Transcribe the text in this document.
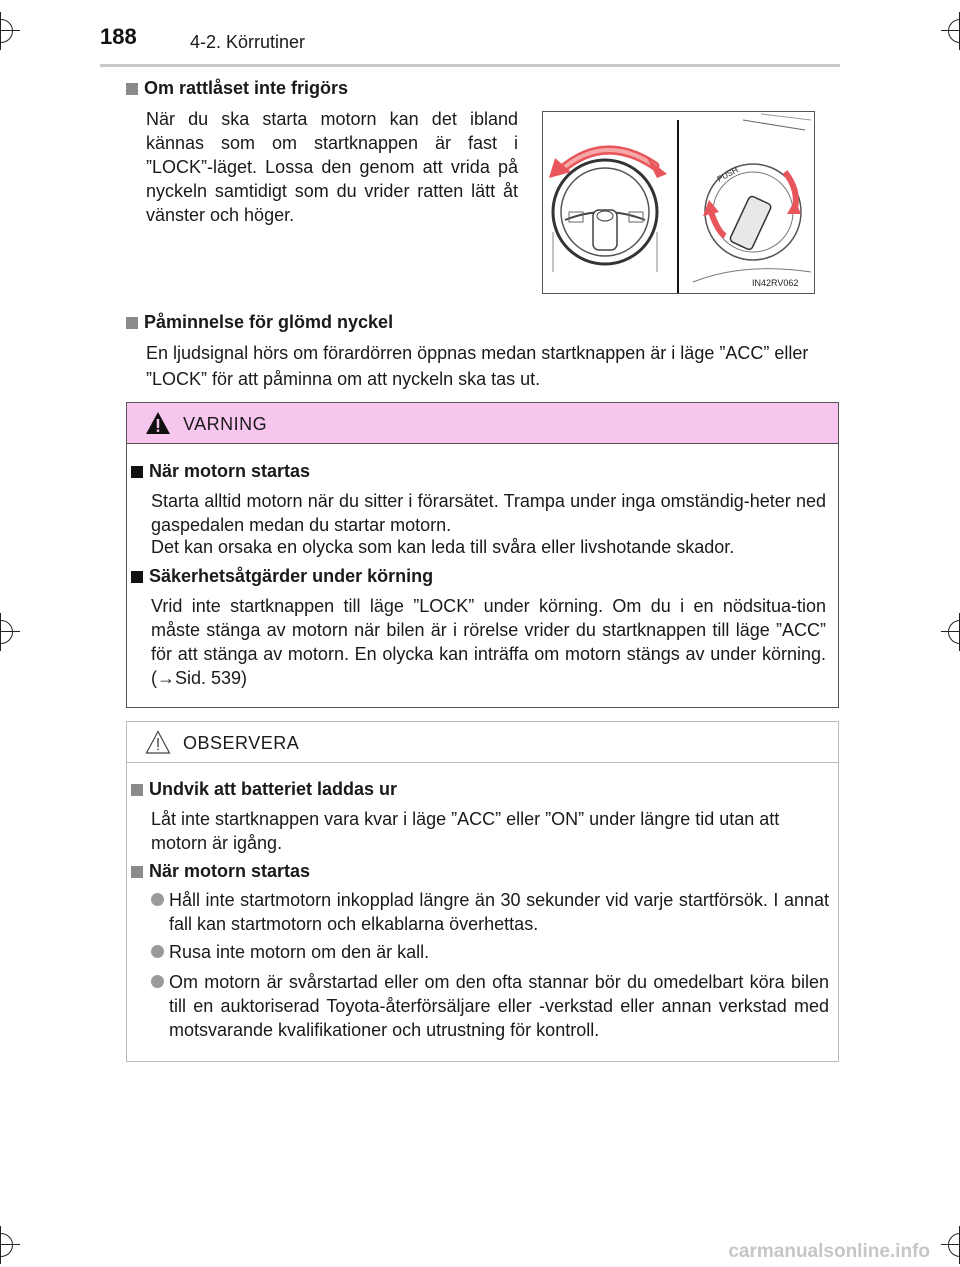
188	4-2. Körrutiner
Om rattlåset inte frigörs
När du ska starta motorn kan det ibland kännas som om startknappen är fast i ”LOCK”-läget. Lossa den genom att vrida på nyckeln samtidigt som du vrider ratten lätt åt vänster och höger.
PUSH
IN42RV062
Påminnelse för glömd nyckel
En ljudsignal hörs om förardörren öppnas medan startknappen är i läge ”ACC” eller ”LOCK” för att påminna om att nyckeln ska tas ut.
VARNING
När motorn startas
Starta alltid motorn när du sitter i förarsätet. Trampa under inga omständig-heter ned gaspedalen medan du startar motorn.
Det kan orsaka en olycka som kan leda till svåra eller livshotande skador.
Säkerhetsåtgärder under körning
Vrid inte startknappen till läge ”LOCK” under körning. Om du i en nödsitua-tion måste stänga av motorn när bilen är i rörelse vrider du startknappen till läge ”ACC” för att stänga av motorn. En olycka kan inträffa om motorn stängs av under körning. (→Sid. 539)
OBSERVERA
Undvik att batteriet laddas ur
Låt inte startknappen vara kvar i läge ”ACC” eller ”ON” under längre tid utan att motorn är igång.
När motorn startas
Håll inte startmotorn inkopplad längre än 30 sekunder vid varje startförsök. I annat fall kan startmotorn och elkablarna överhettas.
Rusa inte motorn om den är kall.
Om motorn är svårstartad eller om den ofta stannar bör du omedelbart köra bilen till en auktoriserad Toyota-återförsäljare eller -verkstad eller annan verkstad med motsvarande kvalifikationer och utrustning för kontroll.
carmanualsonline.info
